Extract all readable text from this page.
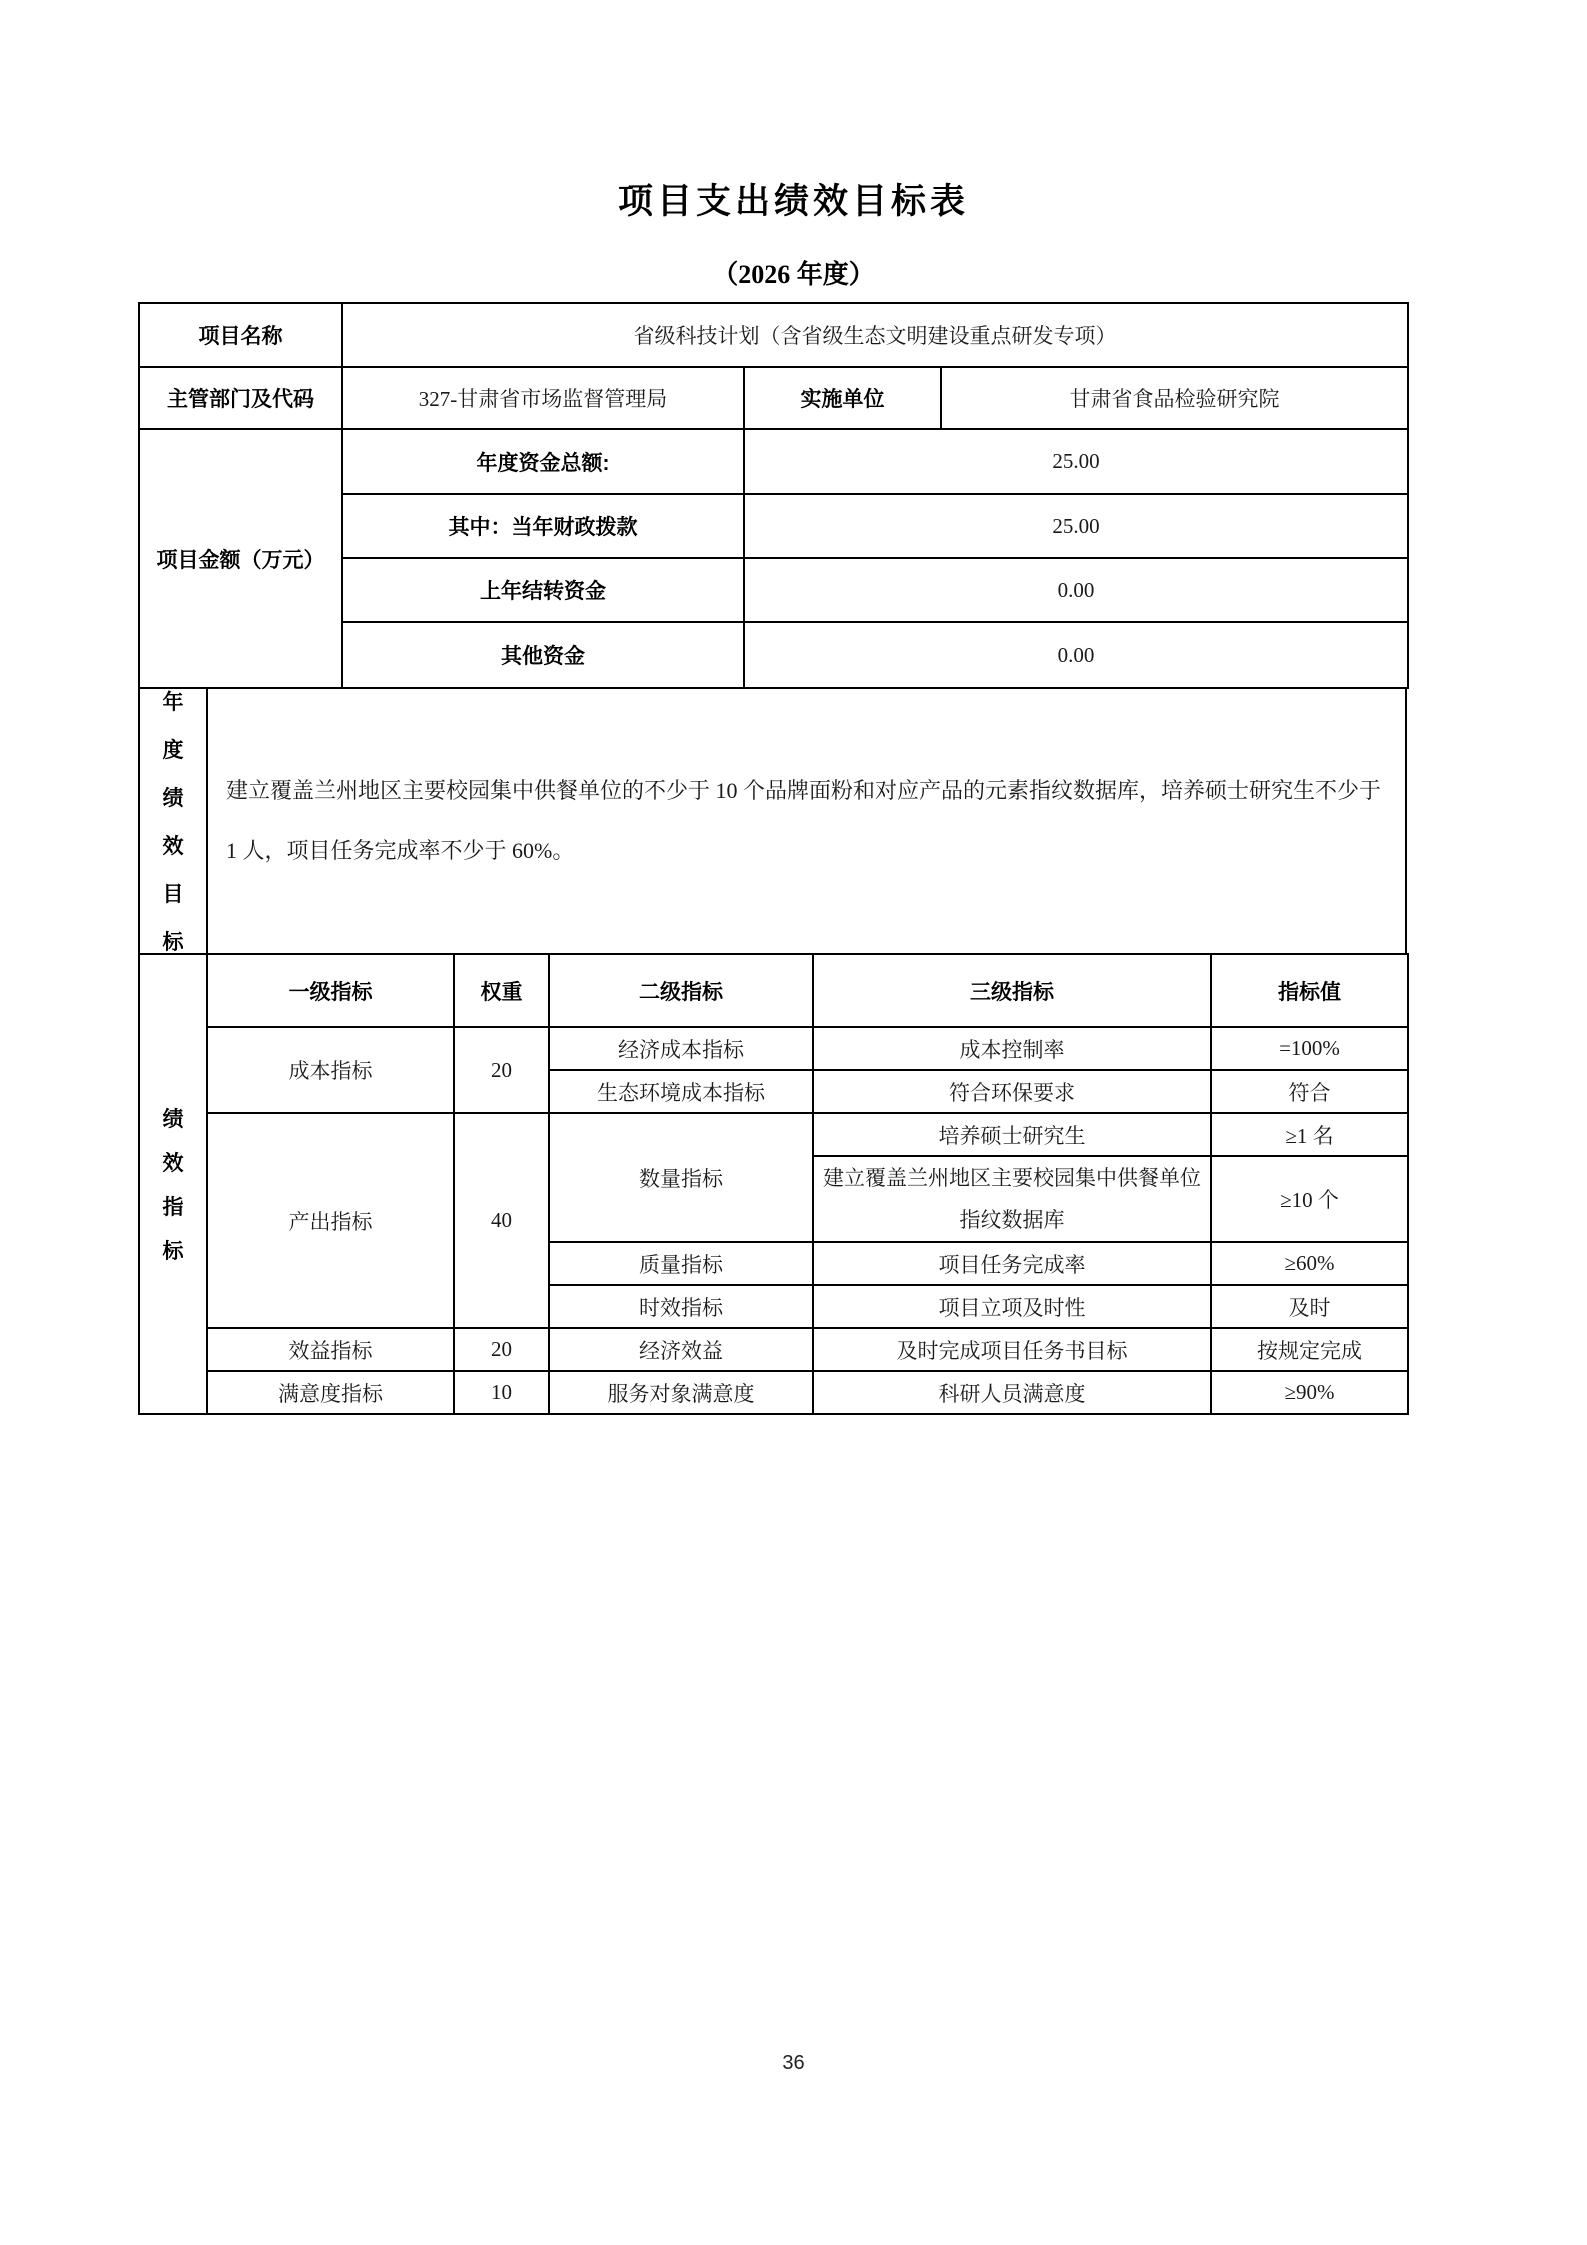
项目支出绩效目标表
（2026 年度）
项目名称	省级科技计划（含省级生态文明建设重点研发专项）		
主管部门及代码	327-甘肃省市场监督管理局	实施单位	甘肃省食品检验研究院
项目金额（万元）	年度资金总额:	25.00	
	其中：当年财政拨款	25.00	
	上年结转资金	0.00	
	其他资金	0.00	
年
度
绩
效
目
标
建立覆盖兰州地区主要校园集中供餐单位的不少于 10 个品牌面粉和对应产品的元素指纹数据库，培养硕士研究生不少于 1 人，项目任务完成率不少于 60%。
绩
效
指
标	一级指标	权重	二级指标	三级指标	指标值
	成本指标	20	经济成本指标	成本控制率	=100%
			生态环境成本指标	符合环保要求	符合
	产出指标	40	数量指标	培养硕士研究生	≥1 名
				建立覆盖兰州地区主要校园集中供餐单位指纹数据库	≥10 个
			质量指标	项目任务完成率	≥60%
			时效指标	项目立项及时性	及时
	效益指标	20	经济效益	及时完成项目任务书目标	按规定完成
	满意度指标	10	服务对象满意度	科研人员满意度	≥90%
36
